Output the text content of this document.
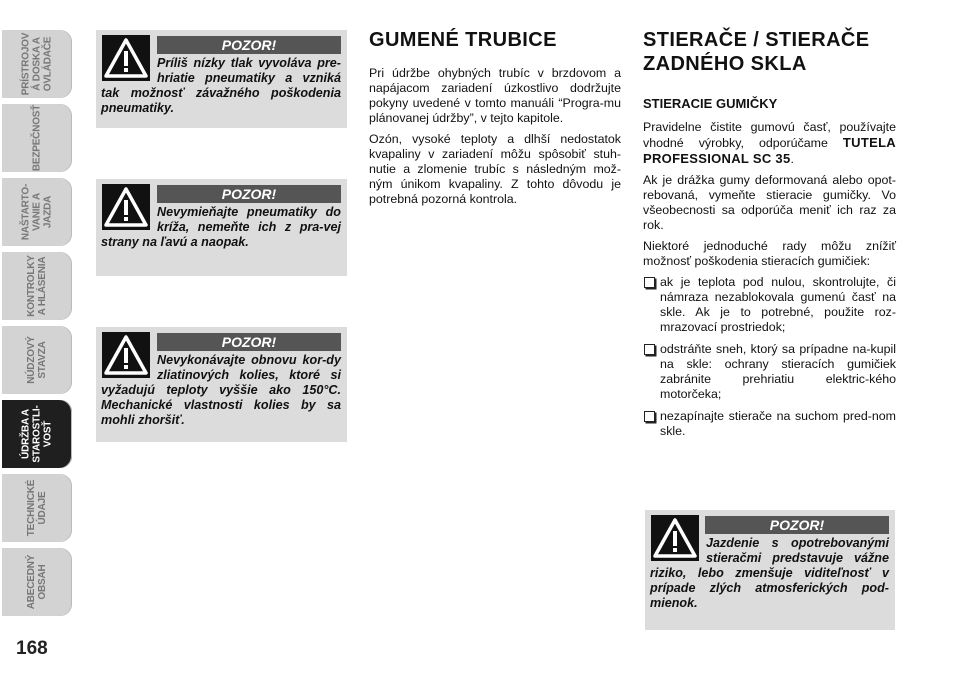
PRÍSTROJOV
Á DOSKA A
OVLÁDAČE
BEZPEČNOSŤ
NAŠTARTO-
VANIE A
JAZDA
KONTROLKY
A HLÁSENIA
NÚDZOVÝ
STAVZA
ÚDRŽBA A
STAROSTLI-
VOSŤ
TECHNICKÉ
ÚDAJE
ABECEDNÝ
OBSAH
168
POZOR!
Príliš nízky tlak vyvoláva pre-hriatie pneumatiky a vzniká tak možnosť závažného poškodenia pneumatiky.
POZOR!
Nevymieňajte pneumatiky do kríža, nemeňte ich z pra-vej strany na ľavú a naopak.
POZOR!
Nevykonávajte obnovu kor-dy zliatinových kolies, ktoré si vyžadujú teploty vyššie ako 150°C. Mechanické vlastnosti kolies by sa mohli zhoršiť.
GUMENÉ TRUBICE

Pri údržbe ohybných trubíc v brzdovom a napájacom zariadení úzkostlivo dodržujte pokyny uvedené v tomto manuáli “Progra-mu plánovanej údržby”, v tejto kapitole.

Ozón, vysoké teploty a dlhší nedostatok kvapaliny v zariadení môžu spôsobiť stuh-nutie a zlomenie trubíc s následným mož-ným únikom kvapaliny. Z tohto dôvodu je potrebná pozorná kontrola.

STIERAČE / STIERAČE
ZADNÉHO SKLA
STIERACIE GUMIČKY

Pravidelne čistite gumovú časť, používajte vhodné výrobky, odporúčame TUTELA PROFESSIONAL SC 35.

Ak je drážka gumy deformovaná alebo opot-rebovaná, vymeňte stieracie gumičky. Vo všeobecnosti sa odporúča meniť ich raz za rok.

Niektoré jednoduché rady môžu znížiť možnosť poškodenia stieracích gumičiek:

ak je teplota pod nulou, skontrolujte, či námraza nezablokovala gumenú časť na skle. Ak je to potrebné, použite roz-mrazovací prostriedok;
odstráňte sneh, ktorý sa prípadne na-kupil na skle: ochrany stieracích gumičiek zabránite prehriatiu elektric-kého motorčeka;
nezapínajte stierače na suchom pred-nom skle.
POZOR!
Jazdenie s opotrebovanými stieračmi predstavuje vážne riziko, lebo zmenšuje viditeľnosť v prípade zlých atmosferických pod-mienok.
